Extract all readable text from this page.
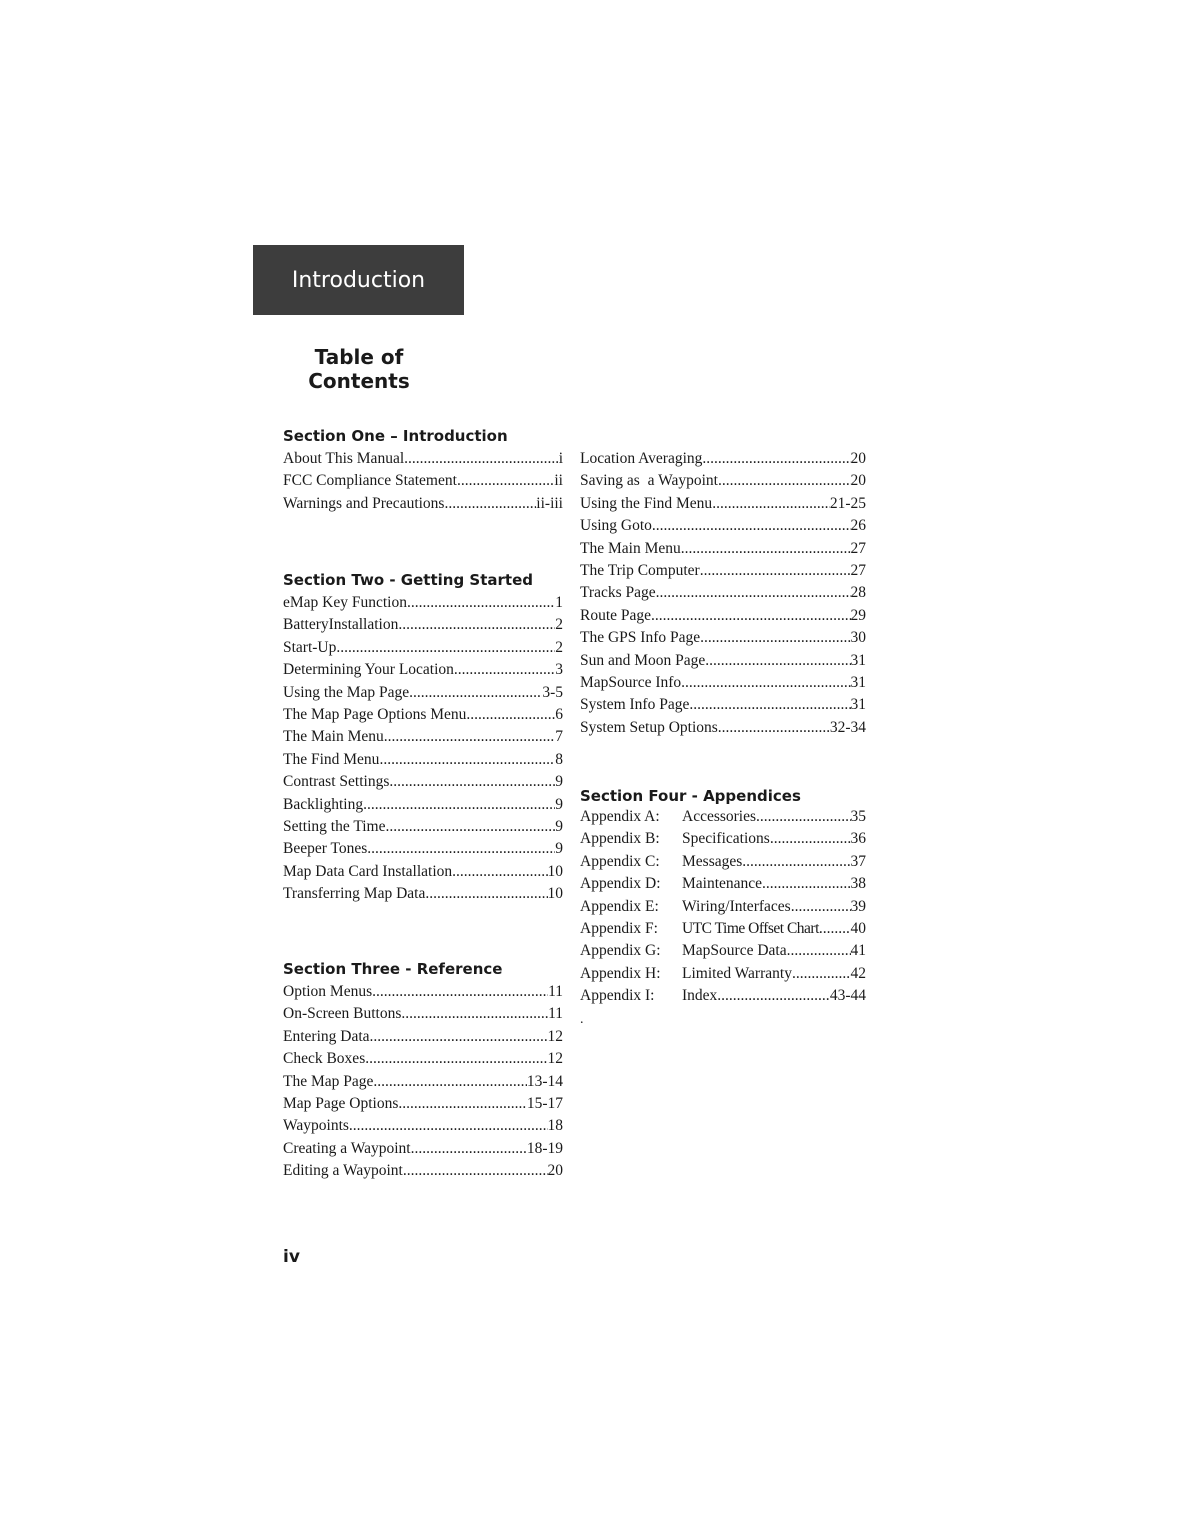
Introduction
Table of
Contents
Section One – Introduction
About This Manual .....	i
FCC Compliance Statement .....	ii
Warnings and Precautions .....	ii-iii
Section Two - Getting Started
eMap Key Function .....	1
BatteryInstallation .....	2
Start-Up .....	2
Determining Your Location .....	3
Using the Map Page .....	3-5
The Map Page Options Menu .....	6
The Main Menu .....	7
The Find Menu .....	8
Contrast Settings .....	9
Backlighting .....	9
Setting the Time .....	9
Beeper Tones .....	9
Map Data Card Installation .....	10
Transferring Map Data .....	10
Section Three - Reference
Option Menus .....	11
On-Screen Buttons .....	11
Entering Data .....	12
Check Boxes .....	12
The Map Page .....	13-14
Map Page Options .....	15-17
Waypoints .....	18
Creating a Waypoint .....	18-19
Editing a Waypoint .....	20
Location Averaging .....	20
Saving as  a Waypoint .....	20
Using the Find Menu .....	21-25
Using Goto .....	26
The Main Menu .....	27
The Trip Computer .....	27
Tracks Page .....	28
Route Page .....	29
The GPS Info Page .....	30
Sun and Moon Page .....	31
MapSource Info .....	31
System Info Page .....	31
System Setup Options .....	32-34
Section Four - Appendices
Appendix A:	Accessories .....	35
Appendix B:	Specifications .....	36
Appendix C:	Messages .....	37
Appendix D:	Maintenance .....	38
Appendix E:	Wiring/Interfaces .....	39
Appendix F:	UTC Time Offset Chart ..... 40
Appendix G:	MapSource Data .....	41
Appendix H:	Limited Warranty .....	42
Appendix I:	Index .....	43-44
.
iv
